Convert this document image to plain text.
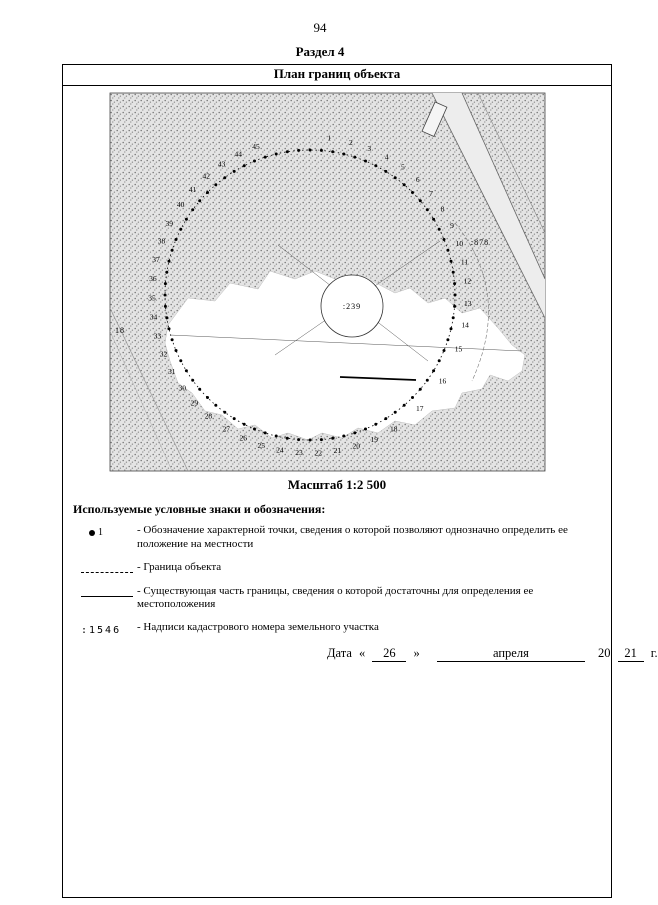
94
Раздел 4
План границ объекта
:239
:878
18
1 2
3
4
5
6
7
8
9
10
11
12
13
14
15
16
17
18
19
20
21
22
23
24
25
26
27
28
29
30
31
32
33
34
35
36
37
38
39
40
41
42
43
44
45
Масштаб 1:2 500
Используемые условные знаки и обозначения:
1	- Обозначение характерной точки, сведения о которой позволяют однозначно определить ее положение на местности
- Граница объекта
- Существующая часть границы, сведения о которой достаточны для определения ее местоположения
:1546	- Надписи кадастрового номера земельного участка
Дата « 26 »	апреля	20 21 г.
